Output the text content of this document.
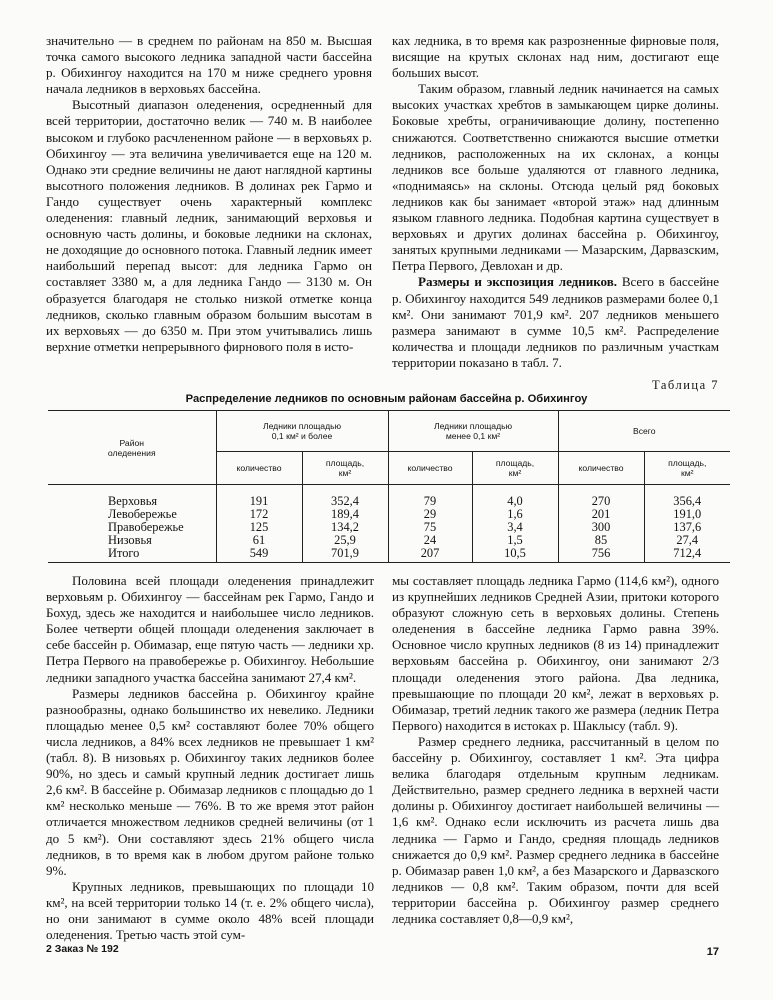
значительно — в среднем по районам на 850 м. Высшая точка самого высокого ледника западной части бассейна р. Обихингоу находится на 170 м ниже среднего уровня начала ледников в верховьях бассейна.

Высотный диапазон оледенения, осредненный для всей территории, достаточно велик — 740 м. В наиболее высоком и глубоко расчлененном районе — в верховьях р. Обихингоу — эта величина увеличивается еще на 120 м. Однако эти средние величины не дают наглядной картины высотного положения ледников. В долинах рек Гармо и Гандо существует очень характерный комплекс оледенения: главный ледник, занимающий верховья и основную часть долины, и боковые ледники на склонах, не доходящие до основного потока. Главный ледник имеет наибольший перепад высот: для ледника Гармо он составляет 3380 м, а для ледника Гандо — 3130 м. Он образуется благодаря не столько низкой отметке конца ледников, сколько главным образом большим высотам в их верховьях — до 6350 м. При этом учитывались лишь верхние отметки непрерывного фирнового поля в исто-

ках ледника, в то время как разрозненные фирновые поля, висящие на крутых склонах над ним, достигают еще больших высот.

Таким образом, главный ледник начинается на самых высоких участках хребтов в замыкающем цирке долины. Боковые хребты, ограничивающие долину, постепенно снижаются. Соответственно снижаются высшие отметки ледников, расположенных на их склонах, а концы ледников все больше удаляются от главного ледника, «поднимаясь» на склоны. Отсюда целый ряд боковых ледников как бы занимает «второй этаж» над длинным языком главного ледника. Подобная картина существует в верховьях и других долинах бассейна р. Обихингоу, занятых крупными ледниками — Мазарским, Дарвазским, Петра Первого, Девлохан и др.

Размеры и экспозиция ледников. Всего в бассейне р. Обихингоу находится 549 ледников размерами более 0,1 км². Они занимают 701,9 км². 207 ледников меньшего размера занимают в сумме 10,5 км². Распределение количества и площади ледников по различным участкам территории показано в табл. 7.

Таблица 7
Распределение ледников по основным районам бассейна р. Обихингоу
Район оледенения	Ледники площадью 0,1 км² и более		Ледники площадью менее 0,1 км²		Всего	
	количество	площадь, км²	количество	площадь, км²	количество	площадь, км²
Верховья	191	352,4	79	4,0	270	356,4
Левобережье	172	189,4	29	1,6	201	191,0
Правобережье	125	134,2	75	3,4	300	137,6
Низовья	61	25,9	24	1,5	85	27,4
Итого	549	701,9	207	10,5	756	712,4

Половина всей площади оледенения принадлежит верховьям р. Обихингоу — бассейнам рек Гармо, Гандо и Бохуд, здесь же находится и наибольшее число ледников. Более четверти общей площади оледенения заключает в себе бассейн р. Обимазар, еще пятую часть — ледники хр. Петра Первого на правобережье р. Обихингоу. Небольшие ледники западного участка бассейна занимают 27,4 км².

Размеры ледников бассейна р. Обихингоу крайне разнообразны, однако большинство их невелико. Ледники площадью менее 0,5 км² составляют более 70% общего числа ледников, а 84% всех ледников не превышает 1 км² (табл. 8). В низовьях р. Обихингоу таких ледников более 90%, но здесь и самый крупный ледник достигает лишь 2,6 км². В бассейне р. Обимазар ледников с площадью до 1 км² несколько меньше — 76%. В то же время этот район отличается множеством ледников средней величины (от 1 до 5 км²). Они составляют здесь 21% общего числа ледников, в то время как в любом другом районе только 9%.

Крупных ледников, превышающих по площади 10 км², на всей территории только 14 (т. е. 2% общего числа), но они занимают в сумме около 48% всей площади оледенения. Третью часть этой сум-

мы составляет площадь ледника Гармо (114,6 км²), одного из крупнейших ледников Средней Азии, притоки которого образуют сложную сеть в верховьях долины. Степень оледенения в бассейне ледника Гармо равна 39%. Основное число крупных ледников (8 из 14) принадлежит верховьям бассейна р. Обихингоу, они занимают 2/3 площади оледенения этого района. Два ледника, превышающие по площади 20 км², лежат в верховьях р. Обимазар, третий ледник такого же размера (ледник Петра Первого) находится в истоках р. Шаклысу (табл. 9).

Размер среднего ледника, рассчитанный в целом по бассейну р. Обихингоу, составляет 1 км². Эта цифра велика благодаря отдельным крупным ледникам. Действительно, размер среднего ледника в верхней части долины р. Обихингоу достигает наибольшей величины — 1,6 км². Однако если исключить из расчета лишь два ледника — Гармо и Гандо, средняя площадь ледников снижается до 0,9 км². Размер среднего ледника в бассейне р. Обимазар равен 1,0 км², а без Мазарского и Дарвазского ледников — 0,8 км². Таким образом, почти для всей территории бассейна р. Обихингоу размер среднего ледника составляет 0,8—0,9 км²,

2 Заказ № 192	17
